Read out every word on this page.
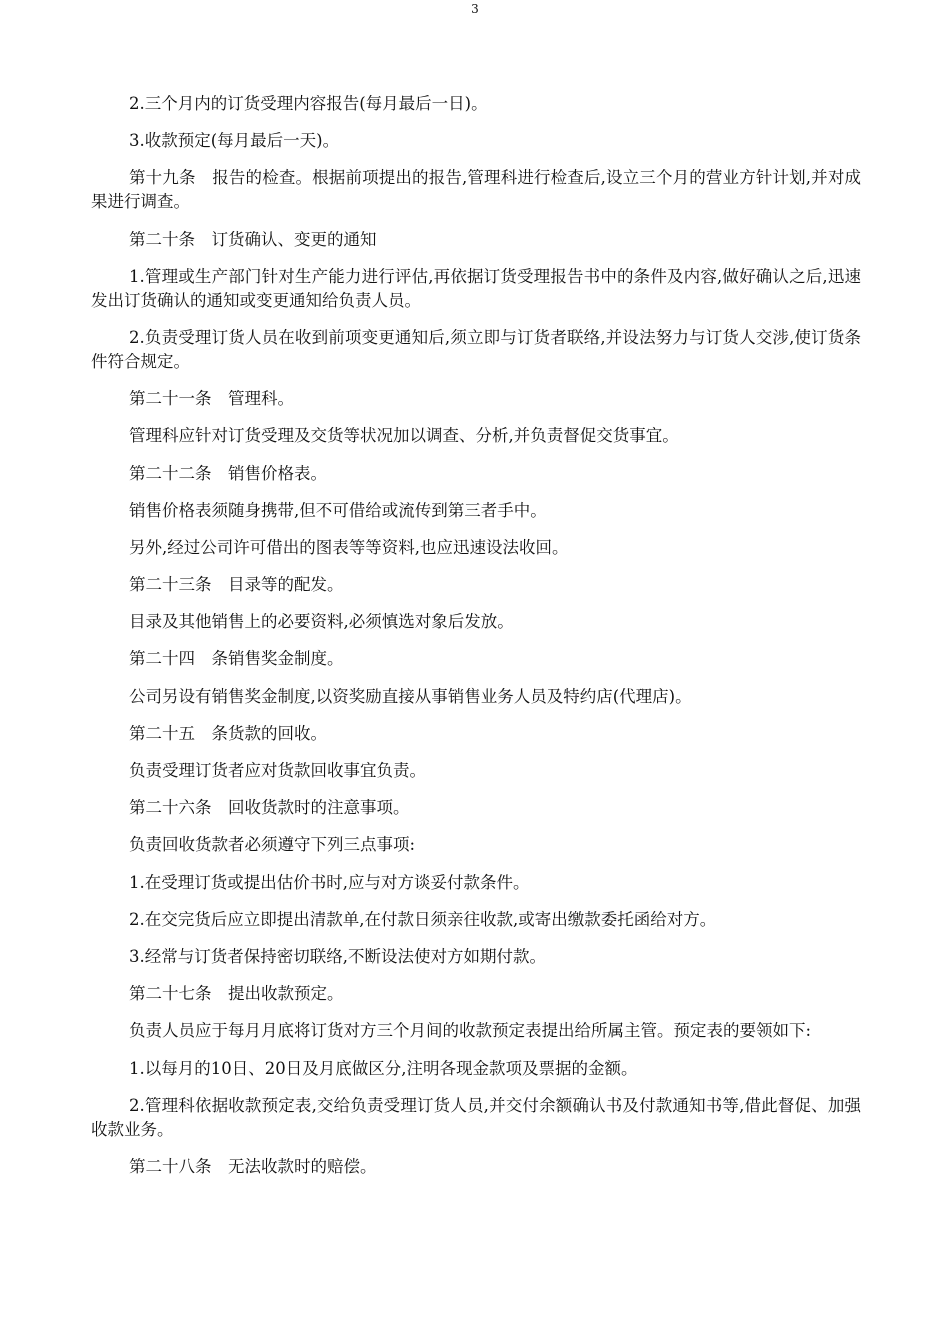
3

2.三个月内的订货受理内容报告(每月最后一日)。

3.收款预定(每月最后一天)。

第十九条　报告的检查。根据前项提出的报告,管理科进行检查后,设立三个月的营业方针计划,并对成果进行调查。

第二十条　订货确认、变更的通知

1.管理或生产部门针对生产能力进行评估,再依据订货受理报告书中的条件及内容,做好确认之后,迅速发出订货确认的通知或变更通知给负责人员。

2.负责受理订货人员在收到前项变更通知后,须立即与订货者联络,并设法努力与订货人交涉,使订货条件符合规定。

第二十一条　管理科。

管理科应针对订货受理及交货等状况加以调查、分析,并负责督促交货事宜。

第二十二条　销售价格表。

销售价格表须随身携带,但不可借给或流传到第三者手中。

另外,经过公司许可借出的图表等等资料,也应迅速设法收回。

第二十三条　目录等的配发。

目录及其他销售上的必要资料,必须慎选对象后发放。

第二十四　条销售奖金制度。

公司另设有销售奖金制度,以资奖励直接从事销售业务人员及特约店(代理店)。

第二十五　条货款的回收。

负责受理订货者应对货款回收事宜负责。

第二十六条　回收货款时的注意事项。

负责回收货款者必须遵守下列三点事项:

1.在受理订货或提出估价书时,应与对方谈妥付款条件。

2.在交完货后应立即提出清款单,在付款日须亲往收款,或寄出缴款委托函给对方。

3.经常与订货者保持密切联络,不断设法使对方如期付款。

第二十七条　提出收款预定。

负责人员应于每月月底将订货对方三个月间的收款预定表提出给所属主管。预定表的要领如下:

1.以每月的10日、20日及月底做区分,注明各现金款项及票据的金额。

2.管理科依据收款预定表,交给负责受理订货人员,并交付余额确认书及付款通知书等,借此督促、加强收款业务。

第二十八条　无法收款时的赔偿。
